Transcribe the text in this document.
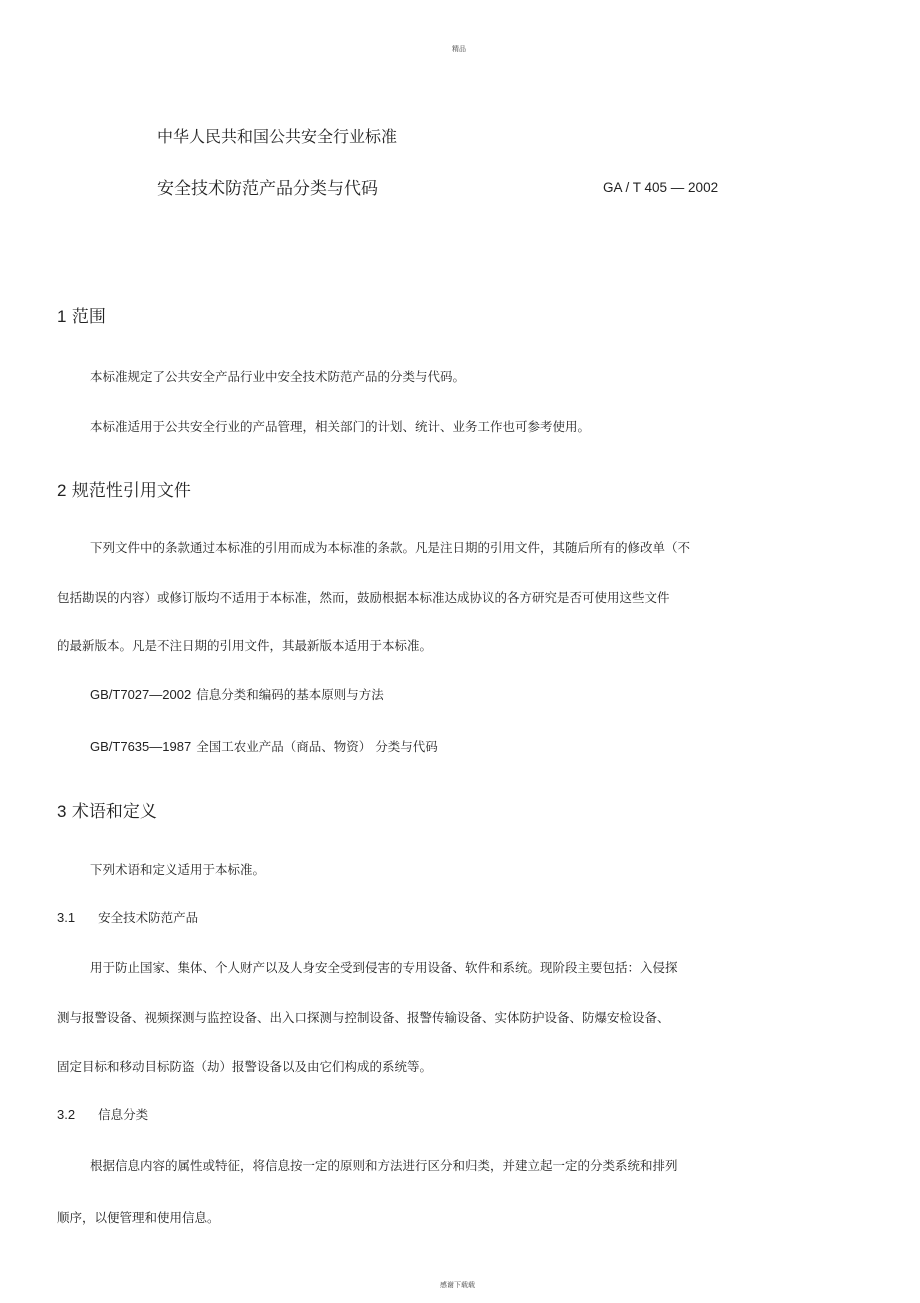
精品
感谢下载载
中华人民共和国公共安全行业标准
安全技术防范产品分类与代码	GA / T 405 — 2002
1 范围
本标准规定了公共安全产品行业中安全技术防范产品的分类与代码。
本标准适用于公共安全行业的产品管理，相关部门的计划、统计、业务工作也可参考使用。
2 规范性引用文件
下列文件中的条款通过本标准的引用而成为本标准的条款。凡是注日期的引用文件，其随后所有的修改单（不
包括勘误的内容）或修订版均不适用于本标准，然而，鼓励根据本标准达成协议的各方研究是否可使用这些文件
的最新版本。凡是不注日期的引用文件，其最新版本适用于本标准。
GB/T7027—2002 信息分类和编码的基本原则与方法
GB/T7635—1987 全国工农业产品（商品、物资） 分类与代码
3 术语和定义
下列术语和定义适用于本标准。
3.1 安全技术防范产品
用于防止国家、集体、个人财产以及人身安全受到侵害的专用设备、软件和系统。现阶段主要包括：入侵探
测与报警设备、视频探测与监控设备、出入口探测与控制设备、报警传输设备、实体防护设备、防爆安检设备、
固定目标和移动目标防盗（劫）报警设备以及由它们构成的系统等。
3.2 信息分类
根据信息内容的属性或特征，将信息按一定的原则和方法进行区分和归类，并建立起一定的分类系统和排列
顺序，以便管理和使用信息。
